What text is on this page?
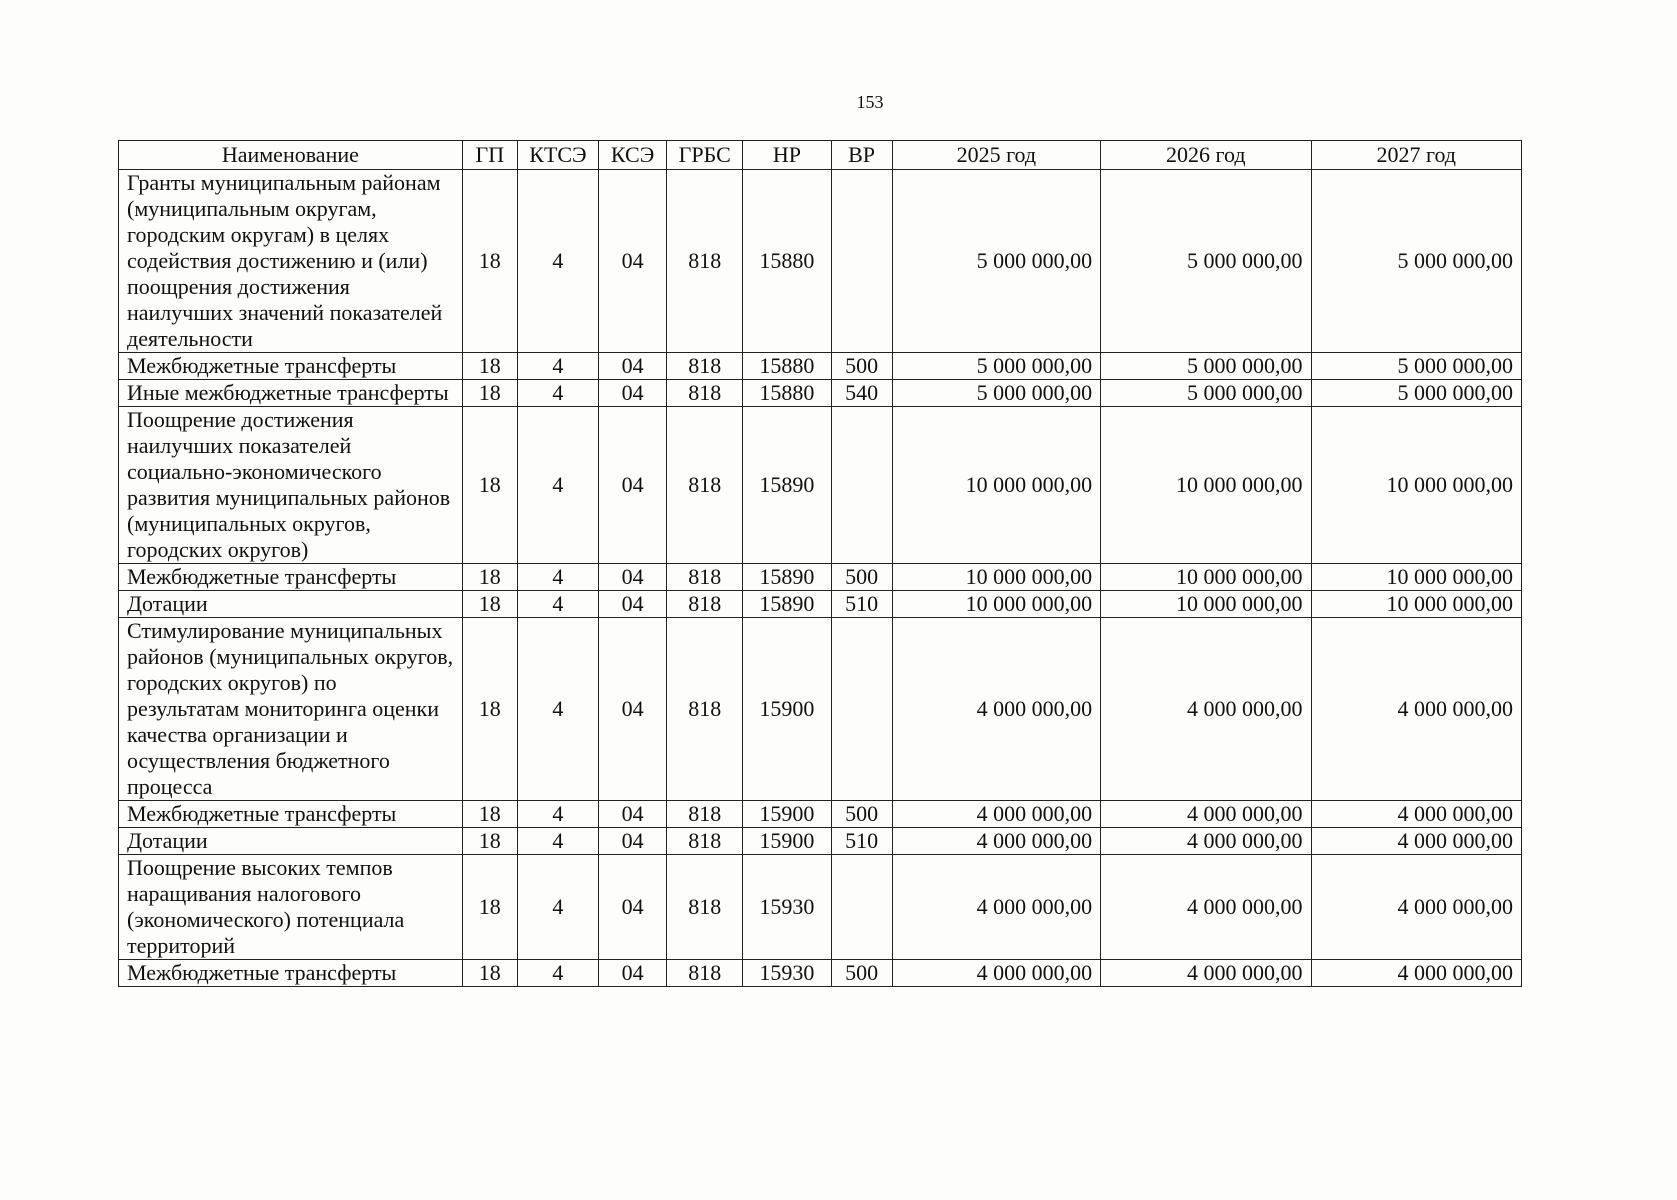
153
Наименование	ГП	КТСЭ	КСЭ	ГРБС	НР	ВР	2025 год	2026 год	2027 год
Гранты муниципальным районам (муниципальным округам, городским округам) в целях содействия достижению и (или) поощрения достижения наилучших значений показателей деятельности	18	4	04	818	15880		5 000 000,00	5 000 000,00	5 000 000,00
Межбюджетные трансферты	18	4	04	818	15880	500	5 000 000,00	5 000 000,00	5 000 000,00
Иные межбюджетные трансферты	18	4	04	818	15880	540	5 000 000,00	5 000 000,00	5 000 000,00
Поощрение достижения наилучших показателей социально-экономического развития муниципальных районов (муниципальных округов, городских округов)	18	4	04	818	15890		10 000 000,00	10 000 000,00	10 000 000,00
Межбюджетные трансферты	18	4	04	818	15890	500	10 000 000,00	10 000 000,00	10 000 000,00
Дотации	18	4	04	818	15890	510	10 000 000,00	10 000 000,00	10 000 000,00
Стимулирование муниципальных районов (муниципальных округов, городских округов) по результатам мониторинга оценки качества организации и осуществления бюджетного процесса	18	4	04	818	15900		4 000 000,00	4 000 000,00	4 000 000,00
Межбюджетные трансферты	18	4	04	818	15900	500	4 000 000,00	4 000 000,00	4 000 000,00
Дотации	18	4	04	818	15900	510	4 000 000,00	4 000 000,00	4 000 000,00
Поощрение высоких темпов наращивания налогового (экономического) потенциала территорий	18	4	04	818	15930		4 000 000,00	4 000 000,00	4 000 000,00
Межбюджетные трансферты	18	4	04	818	15930	500	4 000 000,00	4 000 000,00	4 000 000,00
